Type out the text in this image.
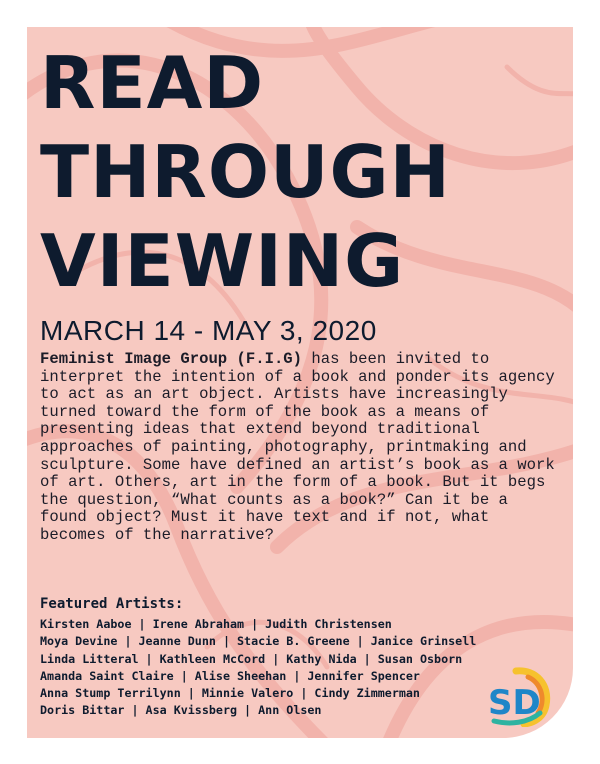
READ
THROUGH
VIEWING
MARCH 14 - MAY 3, 2020

Feminist Image Group (F.I.G) has been invited to interpret the intention of a book and ponder its agency to act as an art object. Artists have increasingly turned toward the form of the book as a means of presenting ideas that extend beyond traditional approaches of painting, photography, printmaking and sculpture. Some have defined an artist’s book as a work of art. Others, art in the form of a book. But it begs the question, “What counts as a book?” Can it be a found object? Must it have text and if not, what becomes of the narrative?

Featured Artists:
Kirsten Aaboe | Irene Abraham | Judith Christensen
Moya Devine | Jeanne Dunn | Stacie B. Greene | Janice Grinsell
Linda Litteral | Kathleen McCord | Kathy Nida | Susan Osborn
Amanda Saint Claire | Alise Sheehan | Jennifer Spencer
Anna Stump Terrilynn | Minnie Valero | Cindy Zimmerman
Doris Bittar | Asa Kvissberg | Ann Olsen	SD
